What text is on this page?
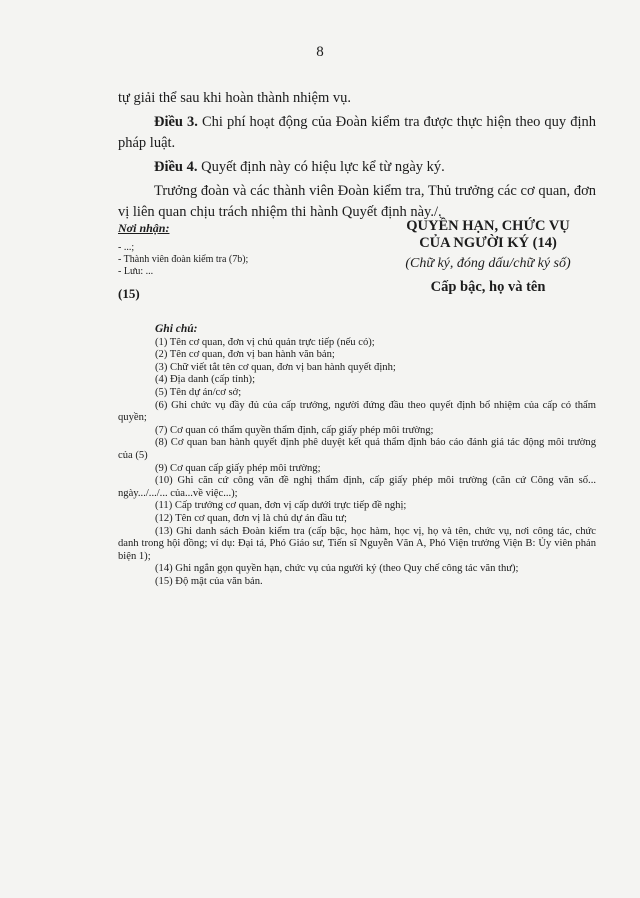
8

tự giải thể sau khi hoàn thành nhiệm vụ.

Điều 3. Chi phí hoạt động của Đoàn kiểm tra được thực hiện theo quy định pháp luật.

Điều 4. Quyết định này có hiệu lực kể từ ngày ký.

Trưởng đoàn và các thành viên Đoàn kiểm tra, Thủ trưởng các cơ quan, đơn vị liên quan chịu trách nhiệm thi hành Quyết định này./.

Nơi nhận:
- ...;
- Thành viên đoàn kiểm tra (7b);
- Lưu: ...
(15)
QUYỀN HẠN, CHỨC VỤ
CỦA NGƯỜI KÝ (14)
(Chữ ký, đóng dấu/chữ ký số)
Cấp bậc, họ và tên
Ghi chú:

(1) Tên cơ quan, đơn vị chủ quản trực tiếp (nếu có);

(2) Tên cơ quan, đơn vị ban hành văn bản;

(3) Chữ viết tắt tên cơ quan, đơn vị ban hành quyết định;

(4) Địa danh (cấp tỉnh);

(5) Tên dự án/cơ sở;

(6) Ghi chức vụ đầy đủ của cấp trưởng, người đứng đầu theo quyết định bổ nhiệm của cấp có thẩm quyền;

(7) Cơ quan có thẩm quyền thẩm định, cấp giấy phép môi trường;

(8) Cơ quan ban hành quyết định phê duyệt kết quả thẩm định báo cáo đánh giá tác động môi trường của (5)

(9) Cơ quan cấp giấy phép môi trường;

(10) Ghi căn cứ công văn đề nghị thẩm định, cấp giấy phép môi trường (căn cứ Công văn số... ngày.../.../... của...về việc...);

(11) Cấp trưởng cơ quan, đơn vị cấp dưới trực tiếp đề nghị;

(12) Tên cơ quan, đơn vị là chủ dự án đầu tư;

(13) Ghi danh sách Đoàn kiểm tra (cấp bậc, học hàm, học vị, họ và tên, chức vụ, nơi công tác, chức danh trong hội đồng; ví dụ: Đại tá, Phó Giáo sư, Tiến sĩ Nguyễn Văn A, Phó Viện trưởng Viện B: Ủy viên phản biện 1);

(14) Ghi ngắn gọn quyền hạn, chức vụ của người ký (theo Quy chế công tác văn thư);

(15) Độ mật của văn bản.
